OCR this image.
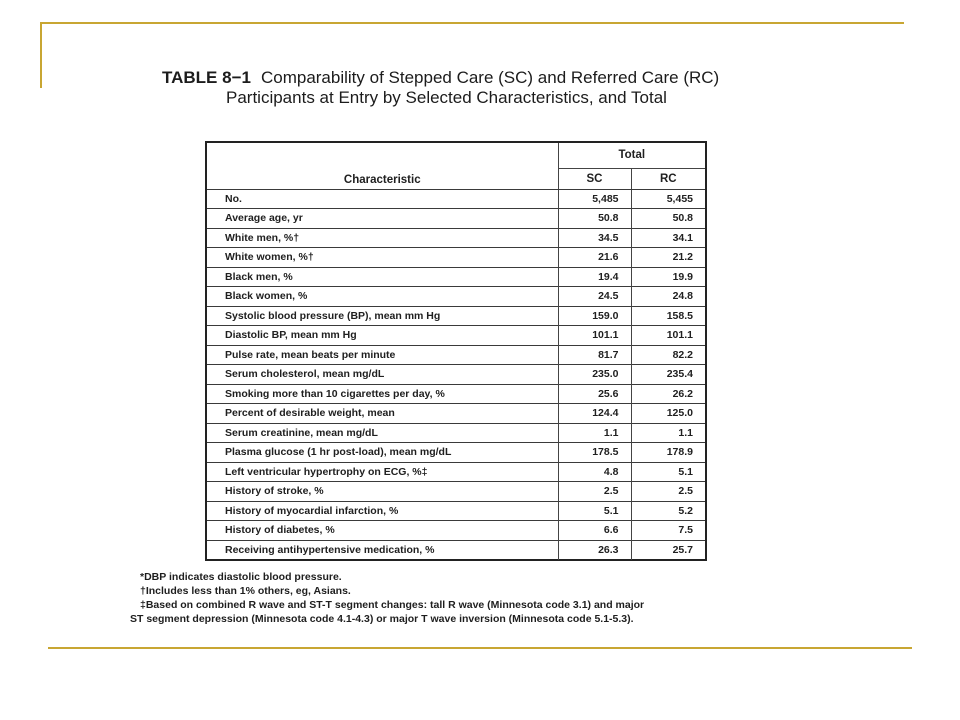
TABLE 8−1 Comparability of Stepped Care (SC) and Referred Care (RC)
Participants at Entry by Selected Characteristics, and Total
Characteristic	Total	
	SC	RC
No.	5,485	5,455
Average age, yr	50.8	50.8
White men, %†	34.5	34.1
White women, %†	21.6	21.2
Black men, %	19.4	19.9
Black women, %	24.5	24.8
Systolic blood pressure (BP), mean mm Hg	159.0	158.5
Diastolic BP, mean mm Hg	101.1	101.1
Pulse rate, mean beats per minute	81.7	82.2
Serum cholesterol, mean mg/dL	235.0	235.4
Smoking more than 10 cigarettes per day, %	25.6	26.2
Percent of desirable weight, mean	124.4	125.0
Serum creatinine, mean mg/dL	1.1	1.1
Plasma glucose (1 hr post-load), mean mg/dL	178.5	178.9
Left ventricular hypertrophy on ECG, %‡	4.8	5.1
History of stroke, %	2.5	2.5
History of myocardial infarction, %	5.1	5.2
History of diabetes, %	6.6	7.5
Receiving antihypertensive medication, %	26.3	25.7
*DBP indicates diastolic blood pressure.
†Includes less than 1% others, eg, Asians.
‡Based on combined R wave and ST-T segment changes: tall R wave (Minnesota code 3.1) and major
ST segment depression (Minnesota code 4.1-4.3) or major T wave inversion (Minnesota code 5.1-5.3).
